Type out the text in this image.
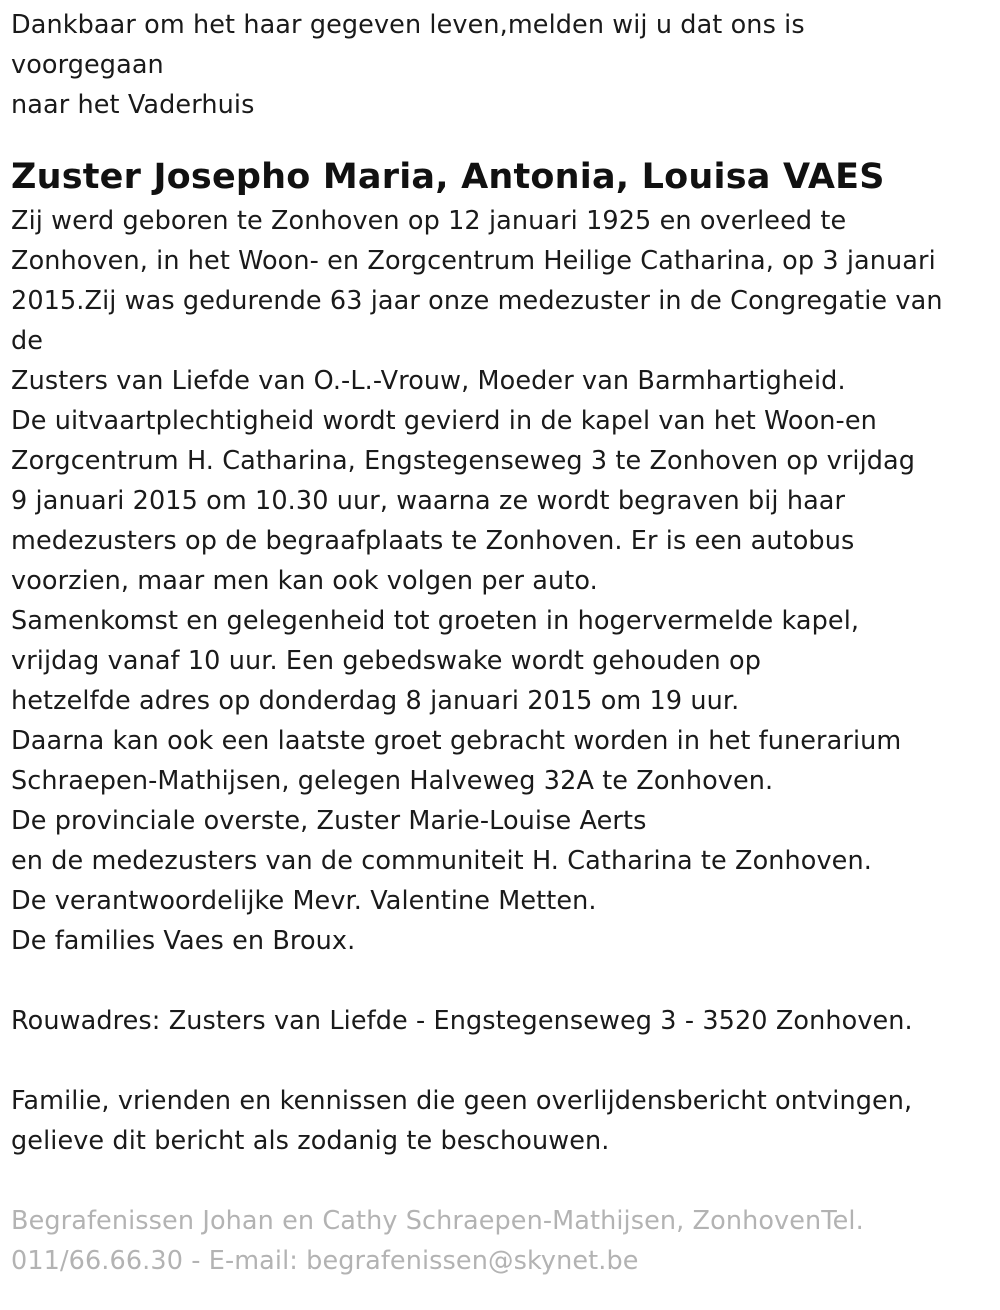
Dankbaar om het haar gegeven leven,melden wij u dat ons is
voorgegaan
naar het Vaderhuis
Zuster Josepho Maria, Antonia, Louisa VAES
Zij werd geboren te Zonhoven op 12 januari 1925 en overleed te
Zonhoven, in het Woon- en Zorgcentrum Heilige Catharina, op 3 januari
2015.Zij was gedurende 63 jaar onze medezuster in de Congregatie van
de
Zusters van Liefde van O.-L.-Vrouw, Moeder van Barmhartigheid.
De uitvaartplechtigheid wordt gevierd in de kapel van het Woon-en
Zorgcentrum H. Catharina, Engstegenseweg 3 te Zonhoven op vrijdag
9 januari 2015 om 10.30 uur, waarna ze wordt begraven bij haar
medezusters op de begraafplaats te Zonhoven. Er is een autobus
voorzien, maar men kan ook volgen per auto.
Samenkomst en gelegenheid tot groeten in hogervermelde kapel,
vrijdag vanaf 10 uur. Een gebedswake wordt gehouden op
hetzelfde adres op donderdag 8 januari 2015 om 19 uur.
Daarna kan ook een laatste groet gebracht worden in het funerarium
Schraepen-Mathijsen, gelegen Halveweg 32A te Zonhoven.
De provinciale overste, Zuster Marie-Louise Aerts
en de medezusters van de communiteit H. Catharina te Zonhoven.
De verantwoordelijke Mevr. Valentine Metten.
De families Vaes en Broux.
Rouwadres: Zusters van Liefde - Engstegenseweg 3 - 3520 Zonhoven.
Familie, vrienden en kennissen die geen overlijdensbericht ontvingen,
gelieve dit bericht als zodanig te beschouwen.
Begrafenissen Johan en Cathy Schraepen-Mathijsen, ZonhovenTel.
011/66.66.30 - E-mail: begrafenissen@skynet.be
